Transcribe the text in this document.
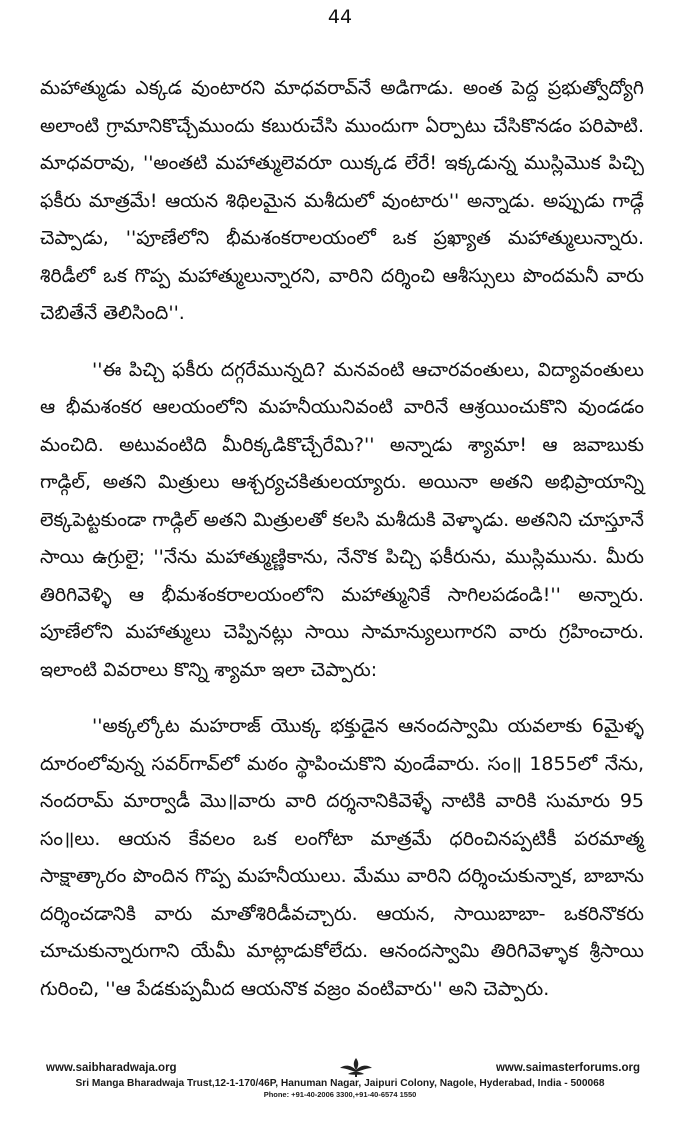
44

మహాత్ముడు ఎక్కడ వుంటారని మాధవరావ్‌నే అడిగాడు. అంత పెద్ద ప్రభుత్వోద్యోగి అలాంటి గ్రామానికొచ్చేముందు కబురుచేసి ముందుగా ఏర్పాటు చేసికొనడం పరిపాటి. మాధవరావు, ''అంతటి మహాత్ములెవరూ యిక్కడ లేరే! ఇక్కడున్న ముస్లిమొక పిచ్చి ఫకీరు మాత్రమే! ఆయన శిథిలమైన మశీదులో వుంటారు'' అన్నాడు. అప్పుడు గాడ్గే చెప్పాడు, ''పూణేలోని భీమశంకరాలయంలో ఒక ప్రఖ్యాత మహాత్ములున్నారు. శిరిడీలో ఒక గొప్ప మహాత్ములున్నారని, వారిని దర్శించి ఆశీస్సులు పొందమనీ వారు చెబితేనే తెలిసింది''.

''ఈ పిచ్చి ఫకీరు దగ్గరేమున్నది? మనవంటి ఆచారవంతులు, విద్యావంతులు ఆ భీమశంకర ఆలయంలోని మహనీయునివంటి వారినే ఆశ్రయించుకొని వుండడం మంచిది. అటువంటిది మీరిక్కడికొచ్చేరేమి?'' అన్నాడు శ్యామా! ఆ జవాబుకు గాడ్గిల్, అతని మిత్రులు ఆశ్చర్యచకితులయ్యారు. అయినా అతని అభిప్రాయాన్ని లెక్కపెట్టకుండా గాడ్గిల్ అతని మిత్రులతో కలసి మశీదుకి వెళ్ళాడు. అతనిని చూస్తూనే సాయి ఉగ్రులై; ''నేను మహాత్ముణ్ణికాను, నేనొక పిచ్చి ఫకీరును, ముస్లిమును. మీరు తిరిగివెళ్ళి ఆ భీమశంకరాలయంలోని మహాత్మునికే సాగిలపడండి!'' అన్నారు. పూణేలోని మహాత్ములు చెప్పినట్లు సాయి సామాన్యులుగారని వారు గ్రహించారు. ఇలాంటి వివరాలు కొన్ని శ్యామా ఇలా చెప్పారు:

''అక్కల్కోట మహరాజ్ యొక్క భక్తుడైన ఆనందస్వామి యవలాకు 6మైళ్ళ దూరంలోవున్న సవర్‌గావ్‌లో మఠం స్థాపించుకొని వుండేవారు. సం॥ 1855లో నేను, నందరామ్ మార్వాడీ మొ॥వారు వారి దర్శనానికివెళ్ళే నాటికి వారికి సుమారు 95 సం॥లు. ఆయన కేవలం ఒక లంగోటా మాత్రమే ధరించినప్పటికీ పరమాత్మ సాక్షాత్కారం పొందిన గొప్ప మహనీయులు. మేము వారిని దర్శించుకున్నాక, బాబాను దర్శించడానికి వారు మాతోశిరిడీవచ్చారు. ఆయన, సాయిబాబా- ఒకరినొకరు చూచుకున్నారుగాని యేమీ మాట్లాడుకోలేదు. ఆనందస్వామి తిరిగివెళ్ళాక శ్రీసాయి గురించి, ''ఆ పేడకుప్పమీద ఆయనొక వజ్రం వంటివారు'' అని చెప్పారు.

www.saibharadwaja.org	www.saimasterforums.org
Sri Manga Bharadwaja Trust,12-1-170/46P, Hanuman Nagar, Jaipuri Colony, Nagole, Hyderabad, India - 500068
Phone: +91-40-2006 3300,+91-40-6574 1550
